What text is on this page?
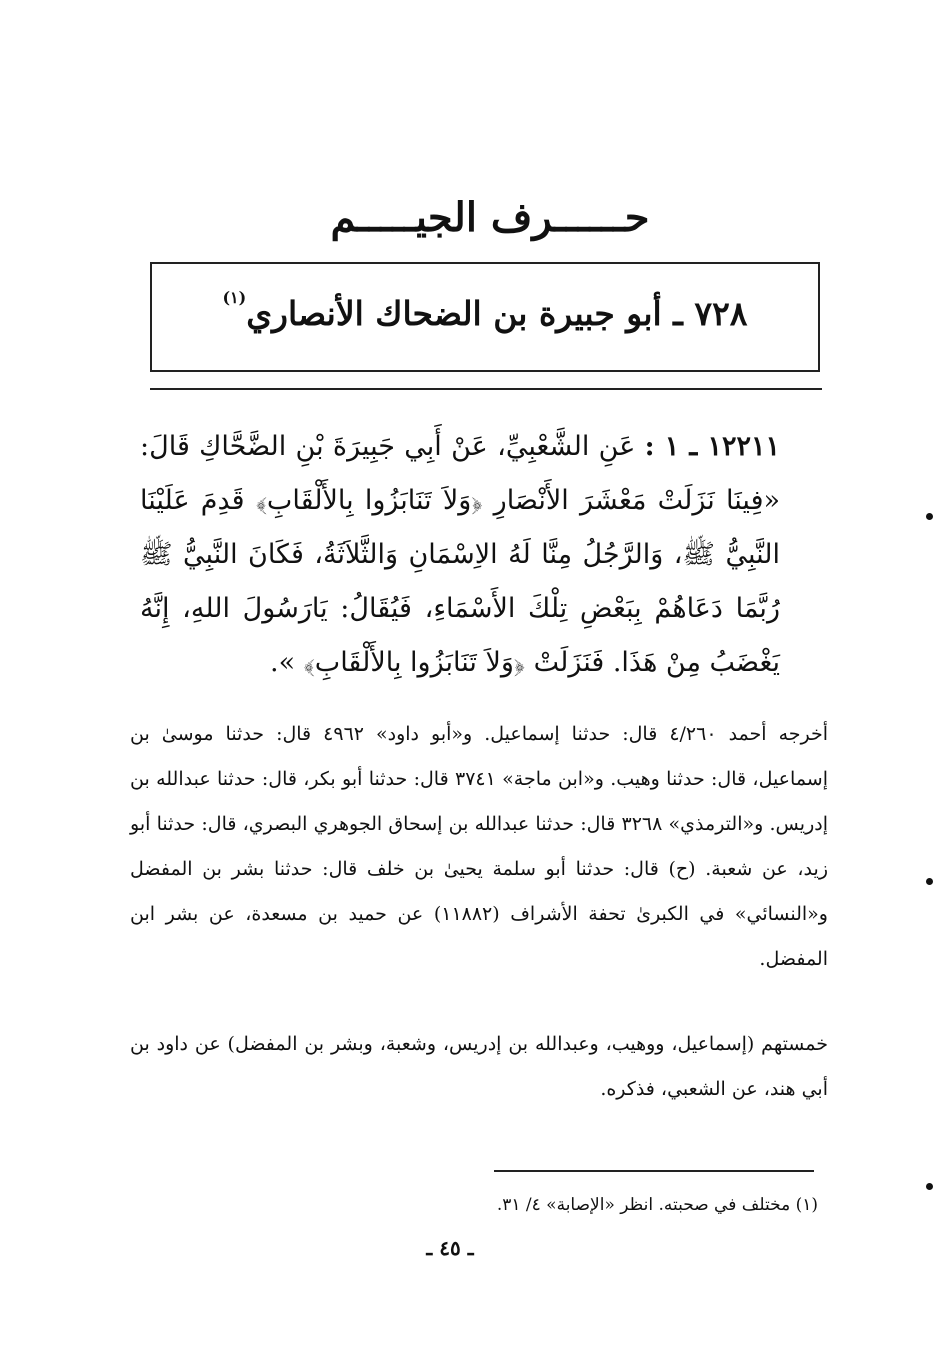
حــــــرف الجيـــــم
٧٢٨ ـ أبو جبيرة بن الضحاك الأنصاري$^{(١)}$
١٢٢١١ ـ ١ : عَنِ الشَّعْبِيِّ، عَنْ أَبِي جَبِيرَةَ بْنِ الضَّحَّاكِ قَالَ: «فِينَا نَزَلَتْ مَعْشَرَ الأَنْصَارِ ﴿وَلاَ تَنَابَزُوا بِالأَلْقَابِ﴾ قَدِمَ عَلَيْنَا النَّبِيُّ ﷺ، وَالرَّجُلُ مِنَّا لَهُ الاِسْمَانِ وَالثَّلاَثَةُ، فَكَانَ النَّبِيُّ ﷺ رُبَّمَا دَعَاهُمْ بِبَعْضِ تِلْكَ الأَسْمَاءِ، فَيُقَالُ: يَارَسُولَ اللهِ، إِنَّهُ يَغْضَبُ مِنْ هَذَا. فَنَزَلَتْ ﴿وَلاَ تَنَابَزُوا بِالأَلْقَابِ﴾ ».
أخرجه أحمد ٤/٢٦٠ قال: حدثنا إسماعيل. و«أبو داود» ٤٩٦٢ قال: حدثنا موسىٰ بن إسماعيل، قال: حدثنا وهيب. و«ابن ماجة» ٣٧٤١ قال: حدثنا أبو بكر، قال: حدثنا عبدالله بن إدريس. و«الترمذي» ٣٢٦٨ قال: حدثنا عبدالله بن إسحاق الجوهري البصري، قال: حدثنا أبو زيد، عن شعبة. (ح) قال: حدثنا أبو سلمة يحيىٰ بن خلف قال: حدثنا بشر بن المفضل و«النسائي» في الكبرىٰ تحفة الأشراف (١١٨٨٢) عن حميد بن مسعدة، عن بشر ابن المفضل.
خمستهم (إسماعيل، ووهيب، وعبدالله بن إدريس، وشعبة، وبشر بن المفضل) عن داود بن أبي هند، عن الشعبي، فذكره.
(١) مختلف في صحبته. انظر «الإصابة» ٤/ ٣١.
ـ ٤٥ ـ
